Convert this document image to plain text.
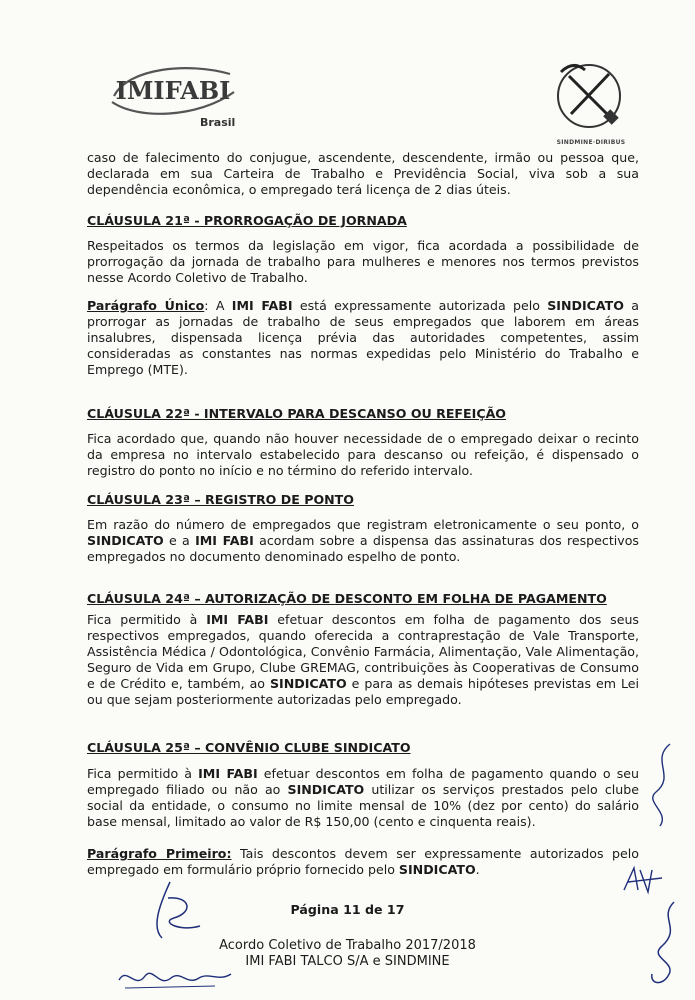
IMIFABI
Brasil
SINDMINE·DIRIBUS
caso de falecimento do conjugue, ascendente, descendente, irmão ou pessoa que, declarada em sua Carteira de Trabalho e Previdência Social, viva sob a sua dependência econômica, o empregado terá licença de 2 dias úteis.
CLÁUSULA 21ª - PRORROGAÇÃO DE JORNADA
Respeitados os termos da legislação em vigor, fica acordada a possibilidade de prorrogação da jornada de trabalho para mulheres e menores nos termos previstos nesse Acordo Coletivo de Trabalho.
Parágrafo Único: A IMI FABI está expressamente autorizada pelo SINDICATO a prorrogar as jornadas de trabalho de seus empregados que laborem em áreas insalubres, dispensada licença prévia das autoridades competentes, assim consideradas as constantes nas normas expedidas pelo Ministério do Trabalho e Emprego (MTE).
CLÁUSULA 22ª - INTERVALO PARA DESCANSO OU REFEIÇÃO
Fica acordado que, quando não houver necessidade de o empregado deixar o recinto da empresa no intervalo estabelecido para descanso ou refeição, é dispensado o registro do ponto no início e no término do referido intervalo.
CLÁUSULA 23ª – REGISTRO DE PONTO
Em razão do número de empregados que registram eletronicamente o seu ponto, o SINDICATO e a IMI FABI acordam sobre a dispensa das assinaturas dos respectivos empregados no documento denominado espelho de ponto.
CLÁUSULA 24ª – AUTORIZAÇÃO DE DESCONTO EM FOLHA DE PAGAMENTO
Fica permitido à IMI FABI efetuar descontos em folha de pagamento dos seus respectivos empregados, quando oferecida a contraprestação de Vale Transporte, Assistência Médica / Odontológica, Convênio Farmácia, Alimentação, Vale Alimentação, Seguro de Vida em Grupo, Clube GREMAG, contribuições às Cooperativas de Consumo e de Crédito e, também, ao SINDICATO e para as demais hipóteses previstas em Lei ou que sejam posteriormente autorizadas pelo empregado.
CLÁUSULA 25ª – CONVÊNIO CLUBE SINDICATO
Fica permitido à IMI FABI efetuar descontos em folha de pagamento quando o seu empregado filiado ou não ao SINDICATO utilizar os serviços prestados pelo clube social da entidade, o consumo no limite mensal de 10% (dez por cento) do salário base mensal, limitado ao valor de R$ 150,00 (cento e cinquenta reais).
Parágrafo Primeiro: Tais descontos devem ser expressamente autorizados pelo empregado em formulário próprio fornecido pelo SINDICATO.
Página 11 de 17
Acordo Coletivo de Trabalho 2017/2018
IMI FABI TALCO S/A e SINDMINE
